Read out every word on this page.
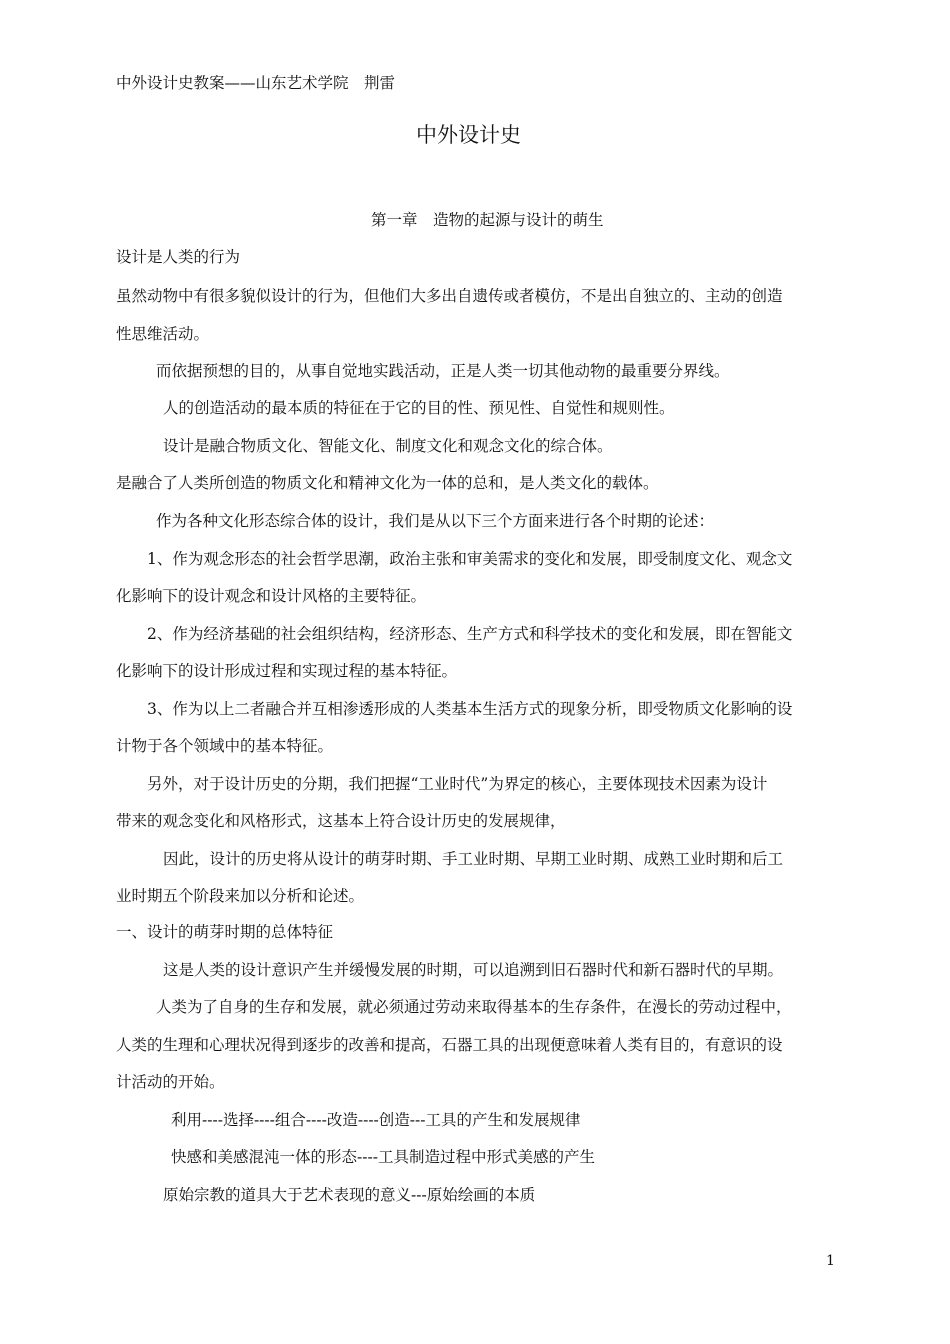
中外设计史教案——山东艺术学院　荆雷
中外设计史
第一章　造物的起源与设计的萌生
设计是人类的行为
虽然动物中有很多貌似设计的行为，但他们大多出自遗传或者模仿，不是出自独立的、主动的创造
性思维活动。
而依据预想的目的，从事自觉地实践活动，正是人类一切其他动物的最重要分界线。
人的创造活动的最本质的特征在于它的目的性、预见性、自觉性和规则性。
设计是融合物质文化、智能文化、制度文化和观念文化的综合体。
是融合了人类所创造的物质文化和精神文化为一体的总和，是人类文化的载体。
作为各种文化形态综合体的设计，我们是从以下三个方面来进行各个时期的论述：
1、作为观念形态的社会哲学思潮，政治主张和审美需求的变化和发展，即受制度文化、观念文
化影响下的设计观念和设计风格的主要特征。
2、作为经济基础的社会组织结构，经济形态、生产方式和科学技术的变化和发展，即在智能文
化影响下的设计形成过程和实现过程的基本特征。
3、作为以上二者融合并互相渗透形成的人类基本生活方式的现象分析，即受物质文化影响的设
计物于各个领域中的基本特征。
另外，对于设计历史的分期，我们把握“工业时代”为界定的核心，主要体现技术因素为设计
带来的观念变化和风格形式，这基本上符合设计历史的发展规律，
因此，设计的历史将从设计的萌芽时期、手工业时期、早期工业时期、成熟工业时期和后工
业时期五个阶段来加以分析和论述。
一、设计的萌芽时期的总体特征
这是人类的设计意识产生并缓慢发展的时期，可以追溯到旧石器时代和新石器时代的早期。
人类为了自身的生存和发展，就必须通过劳动来取得基本的生存条件，在漫长的劳动过程中，
人类的生理和心理状况得到逐步的改善和提高，石器工具的出现便意味着人类有目的，有意识的设
计活动的开始。
利用----选择----组合----改造----创造---工具的产生和发展规律
快感和美感混沌一体的形态----工具制造过程中形式美感的产生
原始宗教的道具大于艺术表现的意义---原始绘画的本质
1
